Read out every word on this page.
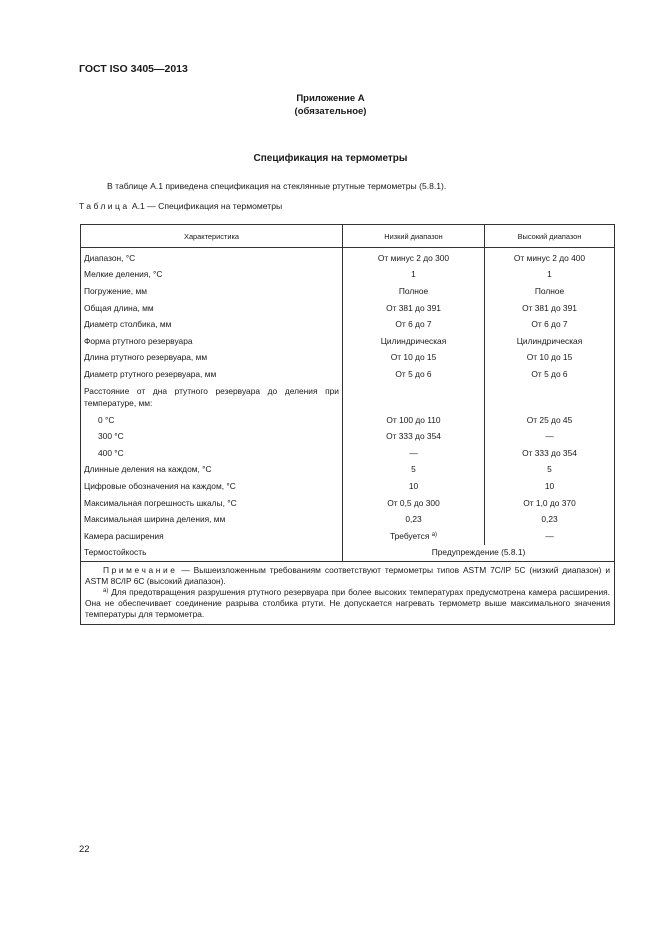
ГОСТ ISO 3405—2013
Приложение А
(обязательное)
Спецификация на термометры
В таблице А.1 приведена спецификация на стеклянные ртутные термометры (5.8.1).
Таблица А.1 — Спецификация на термометры
Характеристика	Низкий диапазон	Высокий диапазон
Диапазон, °С	От минус 2 до 300	От минус 2 до 400
Мелкие деления, °С	1	1
Погружение, мм	Полное	Полное
Общая длина, мм	От 381 до 391	От 381 до 391
Диаметр столбика, мм	От 6 до 7	От 6 до 7
Форма ртутного резервуара	Цилиндрическая	Цилиндрическая
Длина ртутного резервуара, мм	От 10 до 15	От 10 до 15
Диаметр ртутного резервуара, мм	От 5 до 6	От 5 до 6
Расстояние от дна ртутного резервуара до деления при температуре, мм:		
0 °С	От 100 до 110	От 25 до 45
300 °С	От 333 до 354	—
400 °С	—	От 333 до 354
Длинные деления на каждом, °С	5	5
Цифровые обозначения на каждом, °С	10	10
Максимальная погрешность шкалы, °С	От 0,5 до 300	От 1,0 до 370
Максимальная ширина деления, мм	0,23	0,23
Камера расширения	Требуется $^{а)}$	—
Термостойкость	Предупреждение (5.8.1)	

Примечание — Вышеизложенным требованиям соответствуют термометры типов ASTM 7C/IP 5C (низкий диапазон) и ASTM 8C/IP 6C (высокий диапазон).
$^{а)}$ Для предотвращения разрушения ртутного резервуара при более высоких температурах предусмотрена камера расширения. Она не обеспечивает соединение разрыва столбика ртути. Не допускается нагревать термометр выше максимального значения температуры для термометра.		
22
